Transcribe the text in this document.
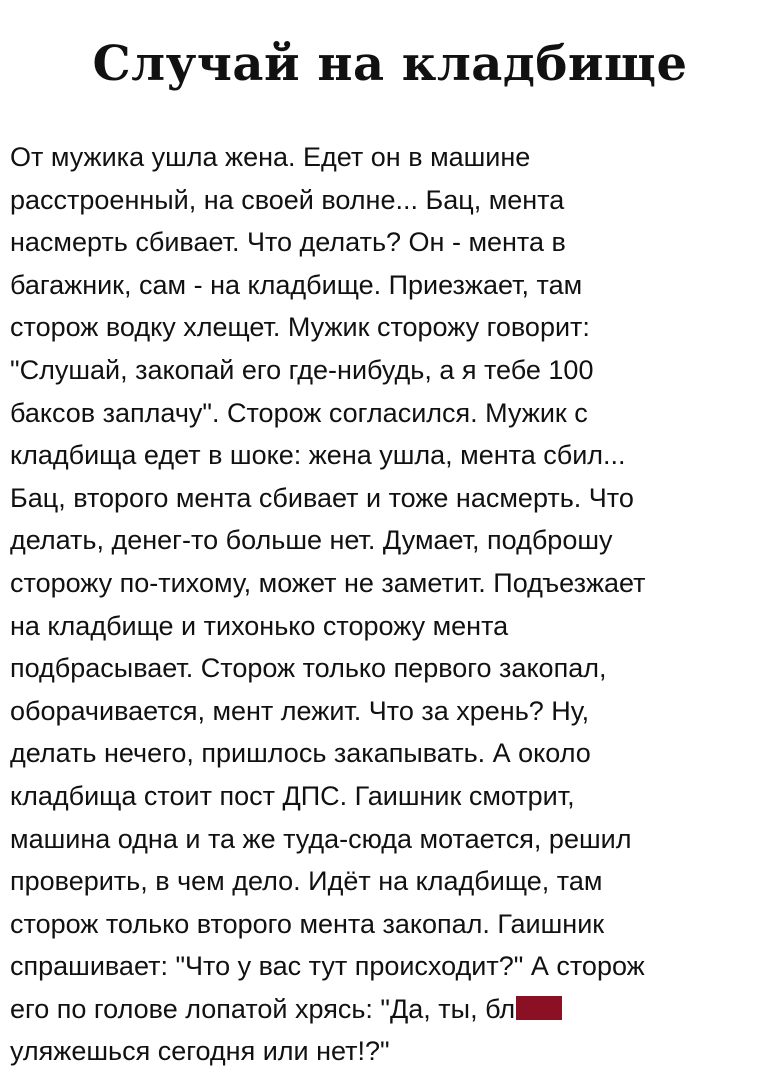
Случай на кладбище
От мужика ушла жена. Едет он в машине
расстроенный, на своей волне... Бац, мента
насмерть сбивает. Что делать? Он - мента в
багажник, сам - на кладбище. Приезжает, там
сторож водку хлещет. Мужик сторожу говорит:
"Слушай, закопай его где-нибудь, а я тебе 100
баксов заплачу". Сторож согласился. Мужик с
кладбища едет в шоке: жена ушла, мента сбил...
Бац, второго мента сбивает и тоже насмерть. Что
делать, денег-то больше нет. Думает, подброшу
сторожу по-тихому, может не заметит. Подъезжает
на кладбище и тихонько сторожу мента
подбрасывает. Сторож только первого закопал,
оборачивается, мент лежит. Что за хрень? Ну,
делать нечего, пришлось закапывать. А около
кладбища стоит пост ДПС. Гаишник смотрит,
машина одна и та же туда-сюда мотается, решил
проверить, в чем дело. Идёт на кладбище, там
сторож только второго мента закопал. Гаишник
спрашивает: "Что у вас тут происходит?" А сторож
его по голове лопатой хрясь: "Да, ты, бл
уляжешься сегодня или нет!?"
